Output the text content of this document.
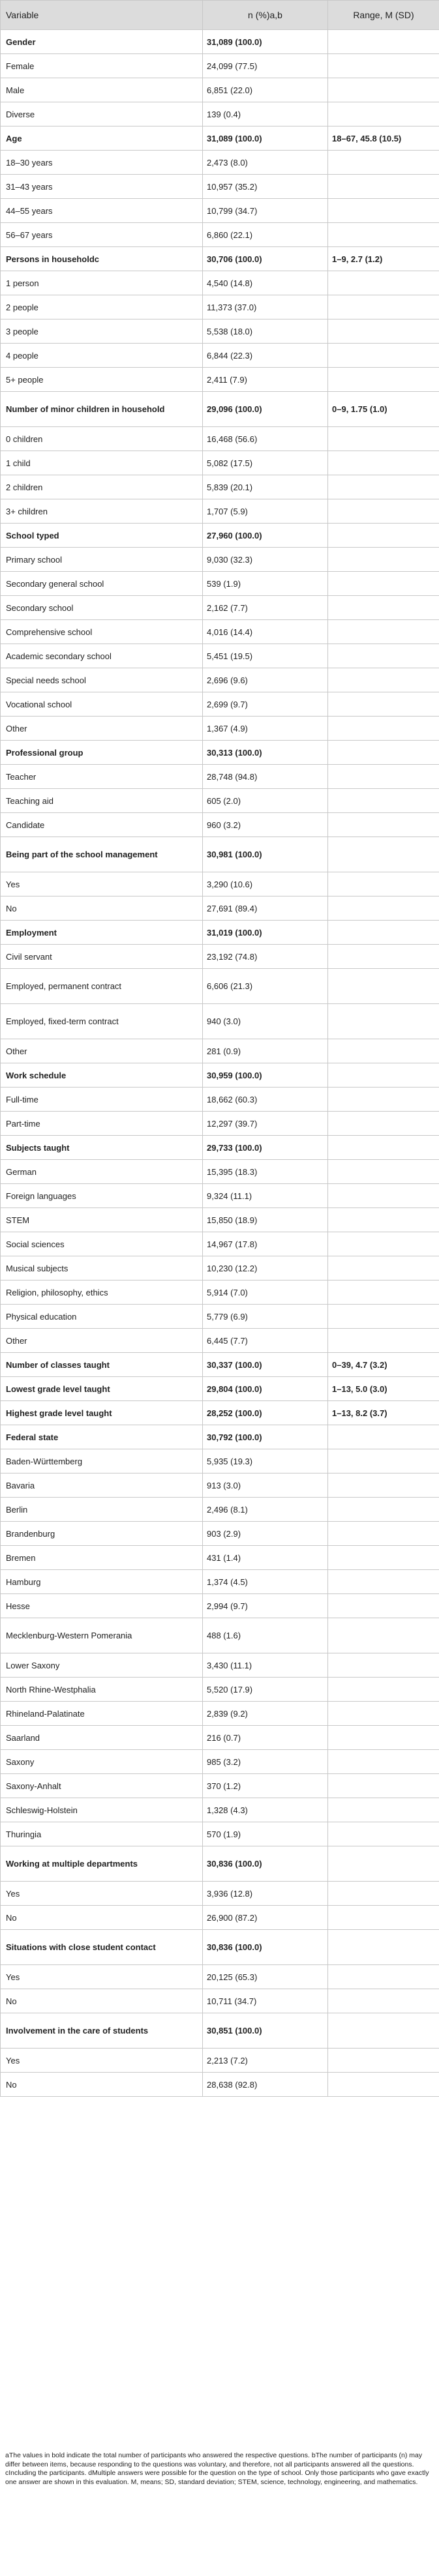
Variable	n (%)a,b	Range, M (SD)
Gender	31,089 (100.0)	
Female	24,099 (77.5)	
Male	6,851 (22.0)	
Diverse	139 (0.4)	
Age	31,089 (100.0)	18–67, 45.8 (10.5)
18–30 years	2,473 (8.0)	
31–43 years	10,957 (35.2)	
44–55 years	10,799 (34.7)	
56–67 years	6,860 (22.1)	
Persons in householdc	30,706 (100.0)	1–9, 2.7 (1.2)
1 person	4,540 (14.8)	
2 people	11,373 (37.0)	
3 people	5,538 (18.0)	
4 people	6,844 (22.3)	
5+ people	2,411 (7.9)	
Number of minor children in household	29,096 (100.0)	0–9, 1.75 (1.0)
0 children	16,468 (56.6)	
1 child	5,082 (17.5)	
2 children	5,839 (20.1)	
3+ children	1,707 (5.9)	
School typed	27,960 (100.0)	
Primary school	9,030 (32.3)	
Secondary general school	539 (1.9)	
Secondary school	2,162 (7.7)	
Comprehensive school	4,016 (14.4)	
Academic secondary school	5,451 (19.5)	
Special needs school	2,696 (9.6)	
Vocational school	2,699 (9.7)	
Other	1,367 (4.9)	
Professional group	30,313 (100.0)	
Teacher	28,748 (94.8)	
Teaching aid	605 (2.0)	
Candidate	960 (3.2)	
Being part of the school management	30,981 (100.0)	
Yes	3,290 (10.6)	
No	27,691 (89.4)	
Employment	31,019 (100.0)	
Civil servant	23,192 (74.8)	
Employed, permanent contract	6,606 (21.3)	
Employed, fixed-term contract	940 (3.0)	
Other	281 (0.9)	
Work schedule	30,959 (100.0)	
Full-time	18,662 (60.3)	
Part-time	12,297 (39.7)	
Subjects taught	29,733 (100.0)	
German	15,395 (18.3)	
Foreign languages	9,324 (11.1)	
STEM	15,850 (18.9)	
Social sciences	14,967 (17.8)	
Musical subjects	10,230 (12.2)	
Religion, philosophy, ethics	5,914 (7.0)	
Physical education	5,779 (6.9)	
Other	6,445 (7.7)	
Number of classes taught	30,337 (100.0)	0–39, 4.7 (3.2)
Lowest grade level taught	29,804 (100.0)	1–13, 5.0 (3.0)
Highest grade level taught	28,252 (100.0)	1–13, 8.2 (3.7)
Federal state	30,792 (100.0)	
Baden-Württemberg	5,935 (19.3)	
Bavaria	913 (3.0)	
Berlin	2,496 (8.1)	
Brandenburg	903 (2.9)	
Bremen	431 (1.4)	
Hamburg	1,374 (4.5)	
Hesse	2,994 (9.7)	
Mecklenburg-Western Pomerania	488 (1.6)	
Lower Saxony	3,430 (11.1)	
North Rhine-Westphalia	5,520 (17.9)	
Rhineland-Palatinate	2,839 (9.2)	
Saarland	216 (0.7)	
Saxony	985 (3.2)	
Saxony-Anhalt	370 (1.2)	
Schleswig-Holstein	1,328 (4.3)	
Thuringia	570 (1.9)	
Working at multiple departments	30,836 (100.0)	
Yes	3,936 (12.8)	
No	26,900 (87.2)	
Situations with close student contact	30,836 (100.0)	
Yes	20,125 (65.3)	
No	10,711 (34.7)	
Involvement in the care of students	30,851 (100.0)	
Yes	2,213 (7.2)	
No	28,638 (92.8)	
aThe values in bold indicate the total number of participants who answered the respective questions. bThe number of participants (n) may differ between items, because responding to the questions was voluntary, and therefore, not all participants answered all the questions. cIncluding the participants. dMultiple answers were possible for the question on the type of school. Only those participants who gave exactly one answer are shown in this evaluation. M, means; SD, standard deviation; STEM, science, technology, engineering, and mathematics.
